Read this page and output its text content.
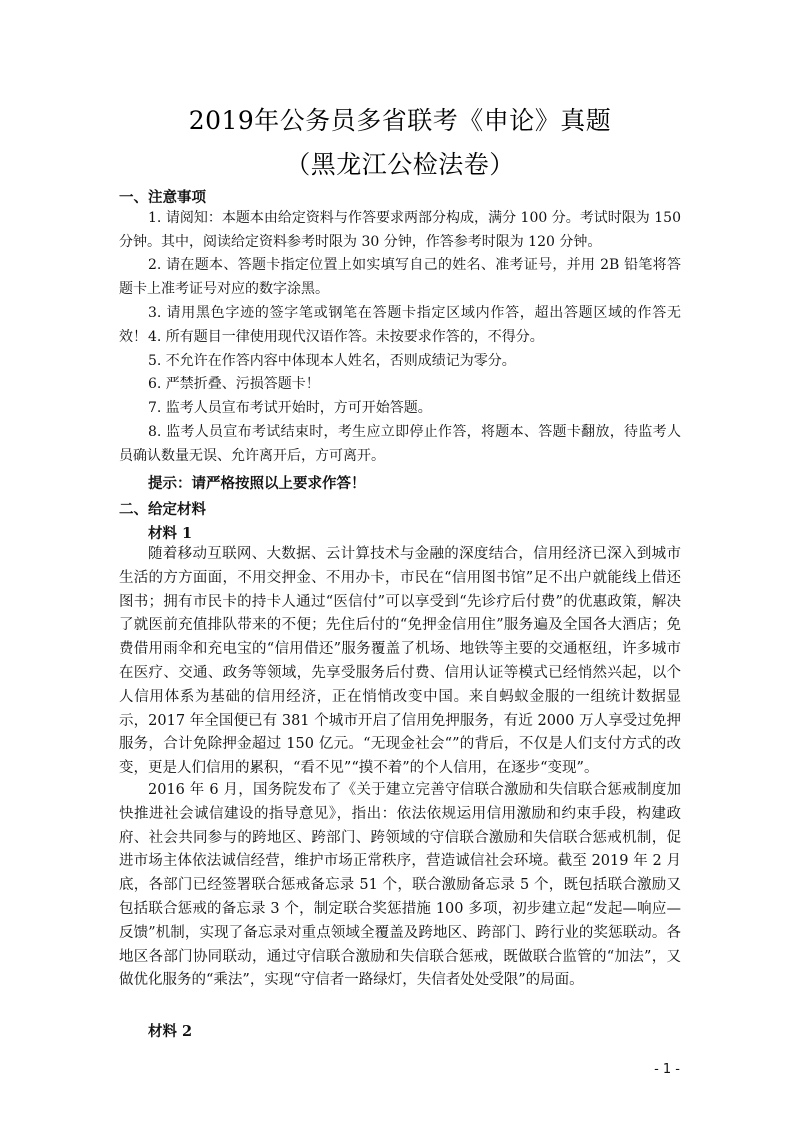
2019年公务员多省联考《申论》真题
（黑龙江公检法卷）
一、注意事项
1. 请阅知：本题本由给定资料与作答要求两部分构成，满分 100 分。考试时限为 150 分钟。其中，阅读给定资料参考时限为 30 分钟，作答参考时限为 120 分钟。
2. 请在题本、答题卡指定位置上如实填写自己的姓名、准考证号，并用 2B 铅笔将答题卡上准考证号对应的数字涂黑。
3. 请用黑色字迹的签字笔或钢笔在答题卡指定区域内作答，超出答题区域的作答无效！ 4. 所有题目一律使用现代汉语作答。未按要求作答的，不得分。
5. 不允许在作答内容中体现本人姓名，否则成绩记为零分。
6. 严禁折叠、污损答题卡！
7. 监考人员宣布考试开始时，方可开始答题。
8. 监考人员宣布考试结束时，考生应立即停止作答，将题本、答题卡翻放，待监考人员确认数量无误、允许离开后，方可离开。
提示：请严格按照以上要求作答！
二、给定材料
材料 1
随着移动互联网、大数据、云计算技术与金融的深度结合，信用经济已深入到城市生活的方方面面，不用交押金、不用办卡，市民在“信用图书馆”足不出户就能线上借还图书；拥有市民卡的持卡人通过“医信付”可以享受到“先诊疗后付费”的优惠政策，解决了就医前充值排队带来的不便；先住后付的“免押金信用住”服务遍及全国各大酒店；免费借用雨伞和充电宝的“信用借还”服务覆盖了机场、地铁等主要的交通枢纽，许多城市在医疗、交通、政务等领域，先享受服务后付费、信用认证等模式已经悄然兴起，以个人信用体系为基础的信用经济，正在悄悄改变中国。来自蚂蚁金服的一组统计数据显示，2017 年全国便已有 381 个城市开启了信用免押服务，有近 2000 万人享受过免押服务，合计免除押金超过 150 亿元。“无现金社会“”的背后，不仅是人们支付方式的改变，更是人们信用的累积，“看不见”“摸不着”的个人信用，在逐步“变现”。
2016 年 6 月，国务院发布了《关于建立完善守信联合激励和失信联合惩戒制度加快推进社会诚信建设的指导意见》，指出：依法依规运用信用激励和约束手段，构建政府、社会共同参与的跨地区、跨部门、跨领域的守信联合激励和失信联合惩戒机制，促进市场主体依法诚信经营，维护市场正常秩序，营造诚信社会环境。截至 2019 年 2 月底，各部门已经签署联合惩戒备忘录 51 个，联合激励备忘录 5 个，既包括联合激励又包括联合惩戒的备忘录 3 个，制定联合奖惩措施 100 多项，初步建立起“发起—响应—反馈”机制，实现了备忘录对重点领域全覆盖及跨地区、跨部门、跨行业的奖惩联动。各地区各部门协同联动，通过守信联合激励和失信联合惩戒，既做联合监管的“加法”，又做优化服务的“乘法”，实现“守信者一路绿灯，失信者处处受限”的局面。
材料 2
- 1 -
